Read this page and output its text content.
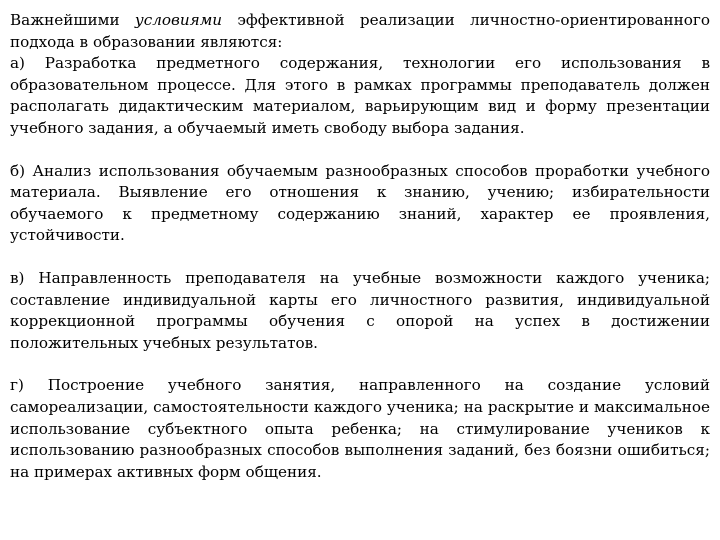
Важнейшими условиями эффективной реализации личностно-ориентированного подхода в образовании являются:
а) Разработка предметного содержания, технологии его использования в образовательном процессе. Для этого в рамках программы преподаватель должен располагать дидактическим материалом, варьирующим вид и форму презентации учебного задания, а обучаемый иметь свободу выбора задания.

б) Анализ использования обучаемым разнообразных способов проработки учебного материала. Выявление его отношения к знанию, учению; избирательности обучаемого к предметному содержанию знаний, характер ее проявления, устойчивости.

в) Направленность преподавателя на учебные возможности каждого ученика; составление индивидуальной карты его личностного развития, индивидуальной коррекционной программы обучения с опорой на успех в достижении положительных учебных результатов.

г) Построение учебного занятия, направленного на создание условий самореализации, самостоятельности каждого ученика; на раскрытие и максимальное использование субъектного опыта ребенка; на стимулирование учеников к использованию разнообразных способов выполнения заданий, без боязни ошибиться; на примерах активных форм общения.
